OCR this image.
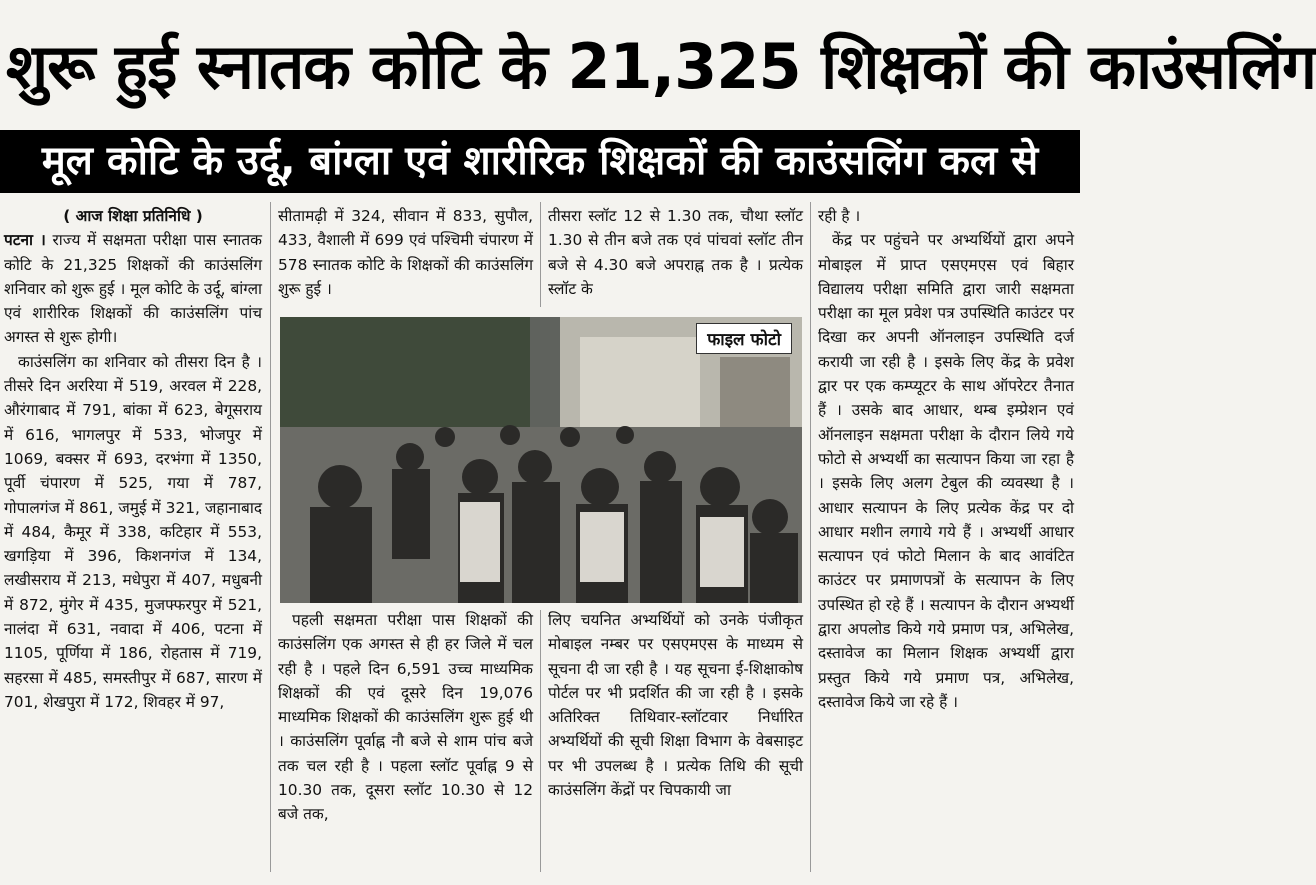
शुरू हुई स्नातक कोटि के 21,325 शिक्षकों की काउंसलिंग
मूल कोटि के उर्दू, बांग्ला एवं शारीरिक शिक्षकों की काउंसलिंग कल से

( आज शिक्षा प्रतिनिधि )

पटना । राज्य में सक्षमता परीक्षा पास स्नातक कोटि के 21,325 शिक्षकों की काउंसलिंग शनिवार को शुरू हुई । मूल कोटि के उर्दू, बांग्ला एवं शारीरिक शिक्षकों की काउंसलिंग पांच अगस्त से शुरू होगी।

काउंसलिंग का शनिवार को तीसरा दिन है । तीसरे दिन अररिया में 519, अरवल में 228, औरंगाबाद में 791, बांका में 623, बेगूसराय में 616, भागलपुर में 533, भोजपुर में 1069, बक्सर में 693, दरभंगा में 1350, पूर्वी चंपारण में 525, गया में 787, गोपालगंज में 861, जमुई में 321, जहानाबाद में 484, कैमूर में 338, कटिहार में 553, खगड़िया में 396, किशनगंज में 134, लखीसराय में 213, मधेपुरा में 407, मधुबनी में 872, मुंगेर में 435, मुजफ्फरपुर में 521, नालंदा में 631, नवादा में 406, पटना में 1105, पूर्णिया में 186, रोहतास में 719, सहरसा में 485, समस्तीपुर में 687, सारण में 701, शेखपुरा में 172, शिवहर में 97,

सीतामढ़ी में 324, सीवान में 833, सुपौल, 433, वैशाली में 699 एवं पश्चिमी चंपारण में 578 स्नातक कोटि के शिक्षकों की काउंसलिंग शुरू हुई ।

तीसरा स्लॉट 12 से 1.30 तक, चौथा स्लॉट 1.30 से तीन बजे तक एवं पांचवां स्लॉट तीन बजे से 4.30 बजे अपराह्न तक है । प्रत्येक स्लॉट के

फाइल फोटो

पहली सक्षमता परीक्षा पास शिक्षकों की काउंसलिंग एक अगस्त से ही हर जिले में चल रही है । पहले दिन 6,591 उच्च माध्यमिक शिक्षकों की एवं दूसरे दिन 19,076 माध्यमिक शिक्षकों की काउंसलिंग शुरू हुई थी । काउंसलिंग पूर्वाह्न नौ बजे से शाम पांच बजे तक चल रही है । पहला स्लॉट पूर्वाह्न 9 से 10.30 तक, दूसरा स्लॉट 10.30 से 12 बजे तक,

लिए चयनित अभ्यर्थियों को उनके पंजीकृत मोबाइल नम्बर पर एसएमएस के माध्यम से सूचना दी जा रही है । यह सूचना ई-शिक्षाकोष पोर्टल पर भी प्रदर्शित की जा रही है । इसके अतिरिक्त तिथिवार-स्लॉटवार निर्धारित अभ्यर्थियों की सूची शिक्षा विभाग के वेबसाइट पर भी उपलब्ध है । प्रत्येक तिथि की सूची काउंसलिंग केंद्रों पर चिपकायी जा

रही है ।

केंद्र पर पहुंचने पर अभ्यर्थियों द्वारा अपने मोबाइल में प्राप्त एसएमएस एवं बिहार विद्यालय परीक्षा समिति द्वारा जारी सक्षमता परीक्षा का मूल प्रवेश पत्र उपस्थिति काउंटर पर दिखा कर अपनी ऑनलाइन उपस्थिति दर्ज करायी जा रही है । इसके लिए केंद्र के प्रवेश द्वार पर एक कम्प्यूटर के साथ ऑपरेटर तैनात हैं । उसके बाद आधार, थम्ब इम्प्रेशन एवं ऑनलाइन सक्षमता परीक्षा के दौरान लिये गये फोटो से अभ्यर्थी का सत्यापन किया जा रहा है । इसके लिए अलग टेबुल की व्यवस्था है । आधार सत्यापन के लिए प्रत्येक केंद्र पर दो आधार मशीन लगाये गये हैं । अभ्यर्थी आधार सत्यापन एवं फोटो मिलान के बाद आवंटित काउंटर पर प्रमाणपत्रों के सत्यापन के लिए उपस्थित हो रहे हैं । सत्यापन के दौरान अभ्यर्थी द्वारा अपलोड किये गये प्रमाण पत्र, अभिलेख, दस्तावेज का मिलान शिक्षक अभ्यर्थी द्वारा प्रस्तुत किये गये प्रमाण पत्र, अभिलेख, दस्तावेज किये जा रहे हैं ।
